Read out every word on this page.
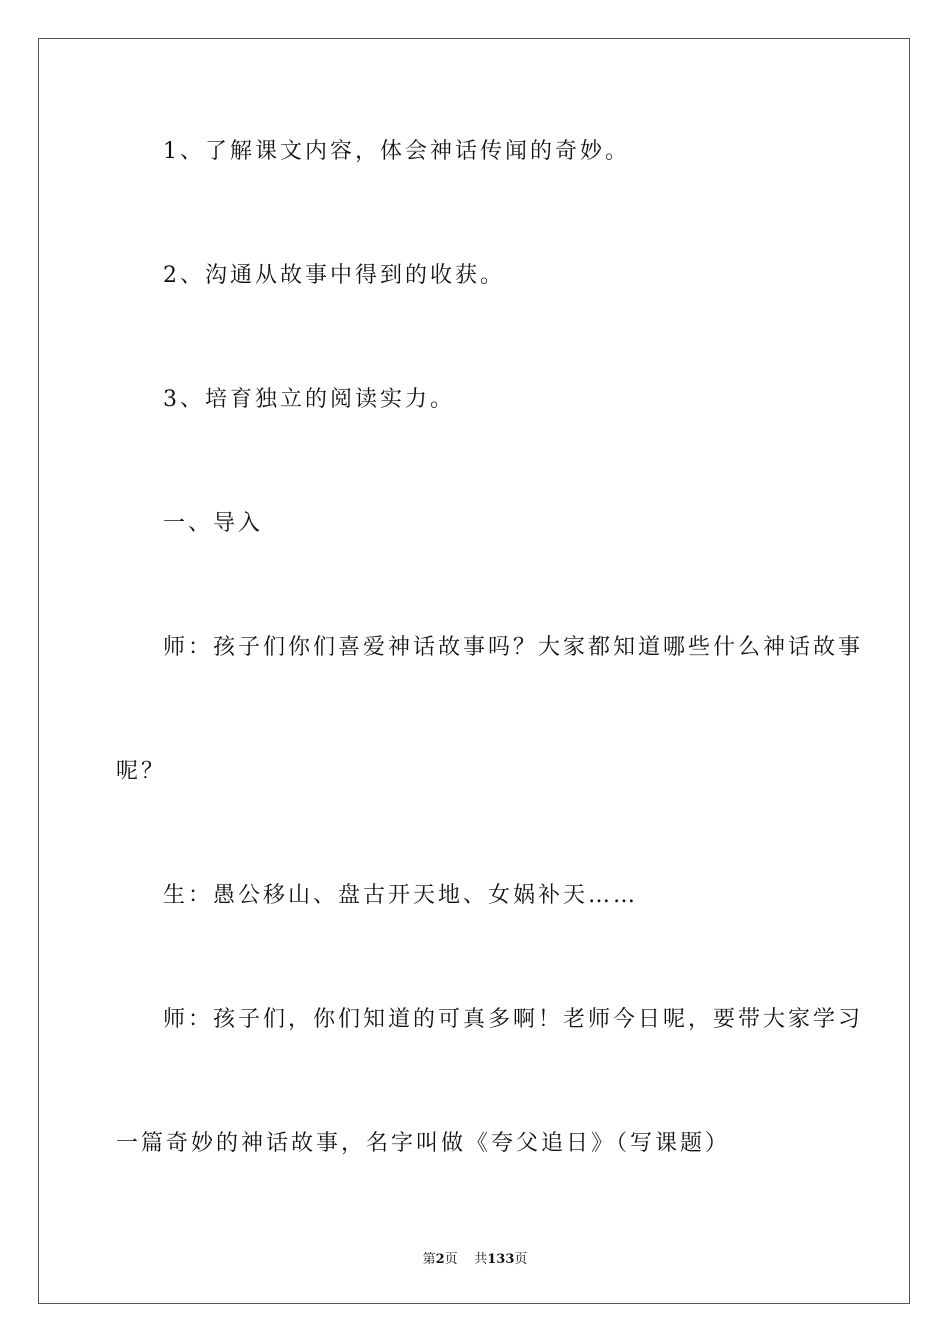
1、了解课文内容，体会神话传闻的奇妙。
2、沟通从故事中得到的收获。
3、培育独立的阅读实力。
一、导入
师：孩子们你们喜爱神话故事吗？大家都知道哪些什么神话故事
呢？
生：愚公移山、盘古开天地、女娲补天……
师：孩子们，你们知道的可真多啊！老师今日呢，要带大家学习
一篇奇妙的神话故事，名字叫做《夸父追日》（写课题）
第2页 共133页
